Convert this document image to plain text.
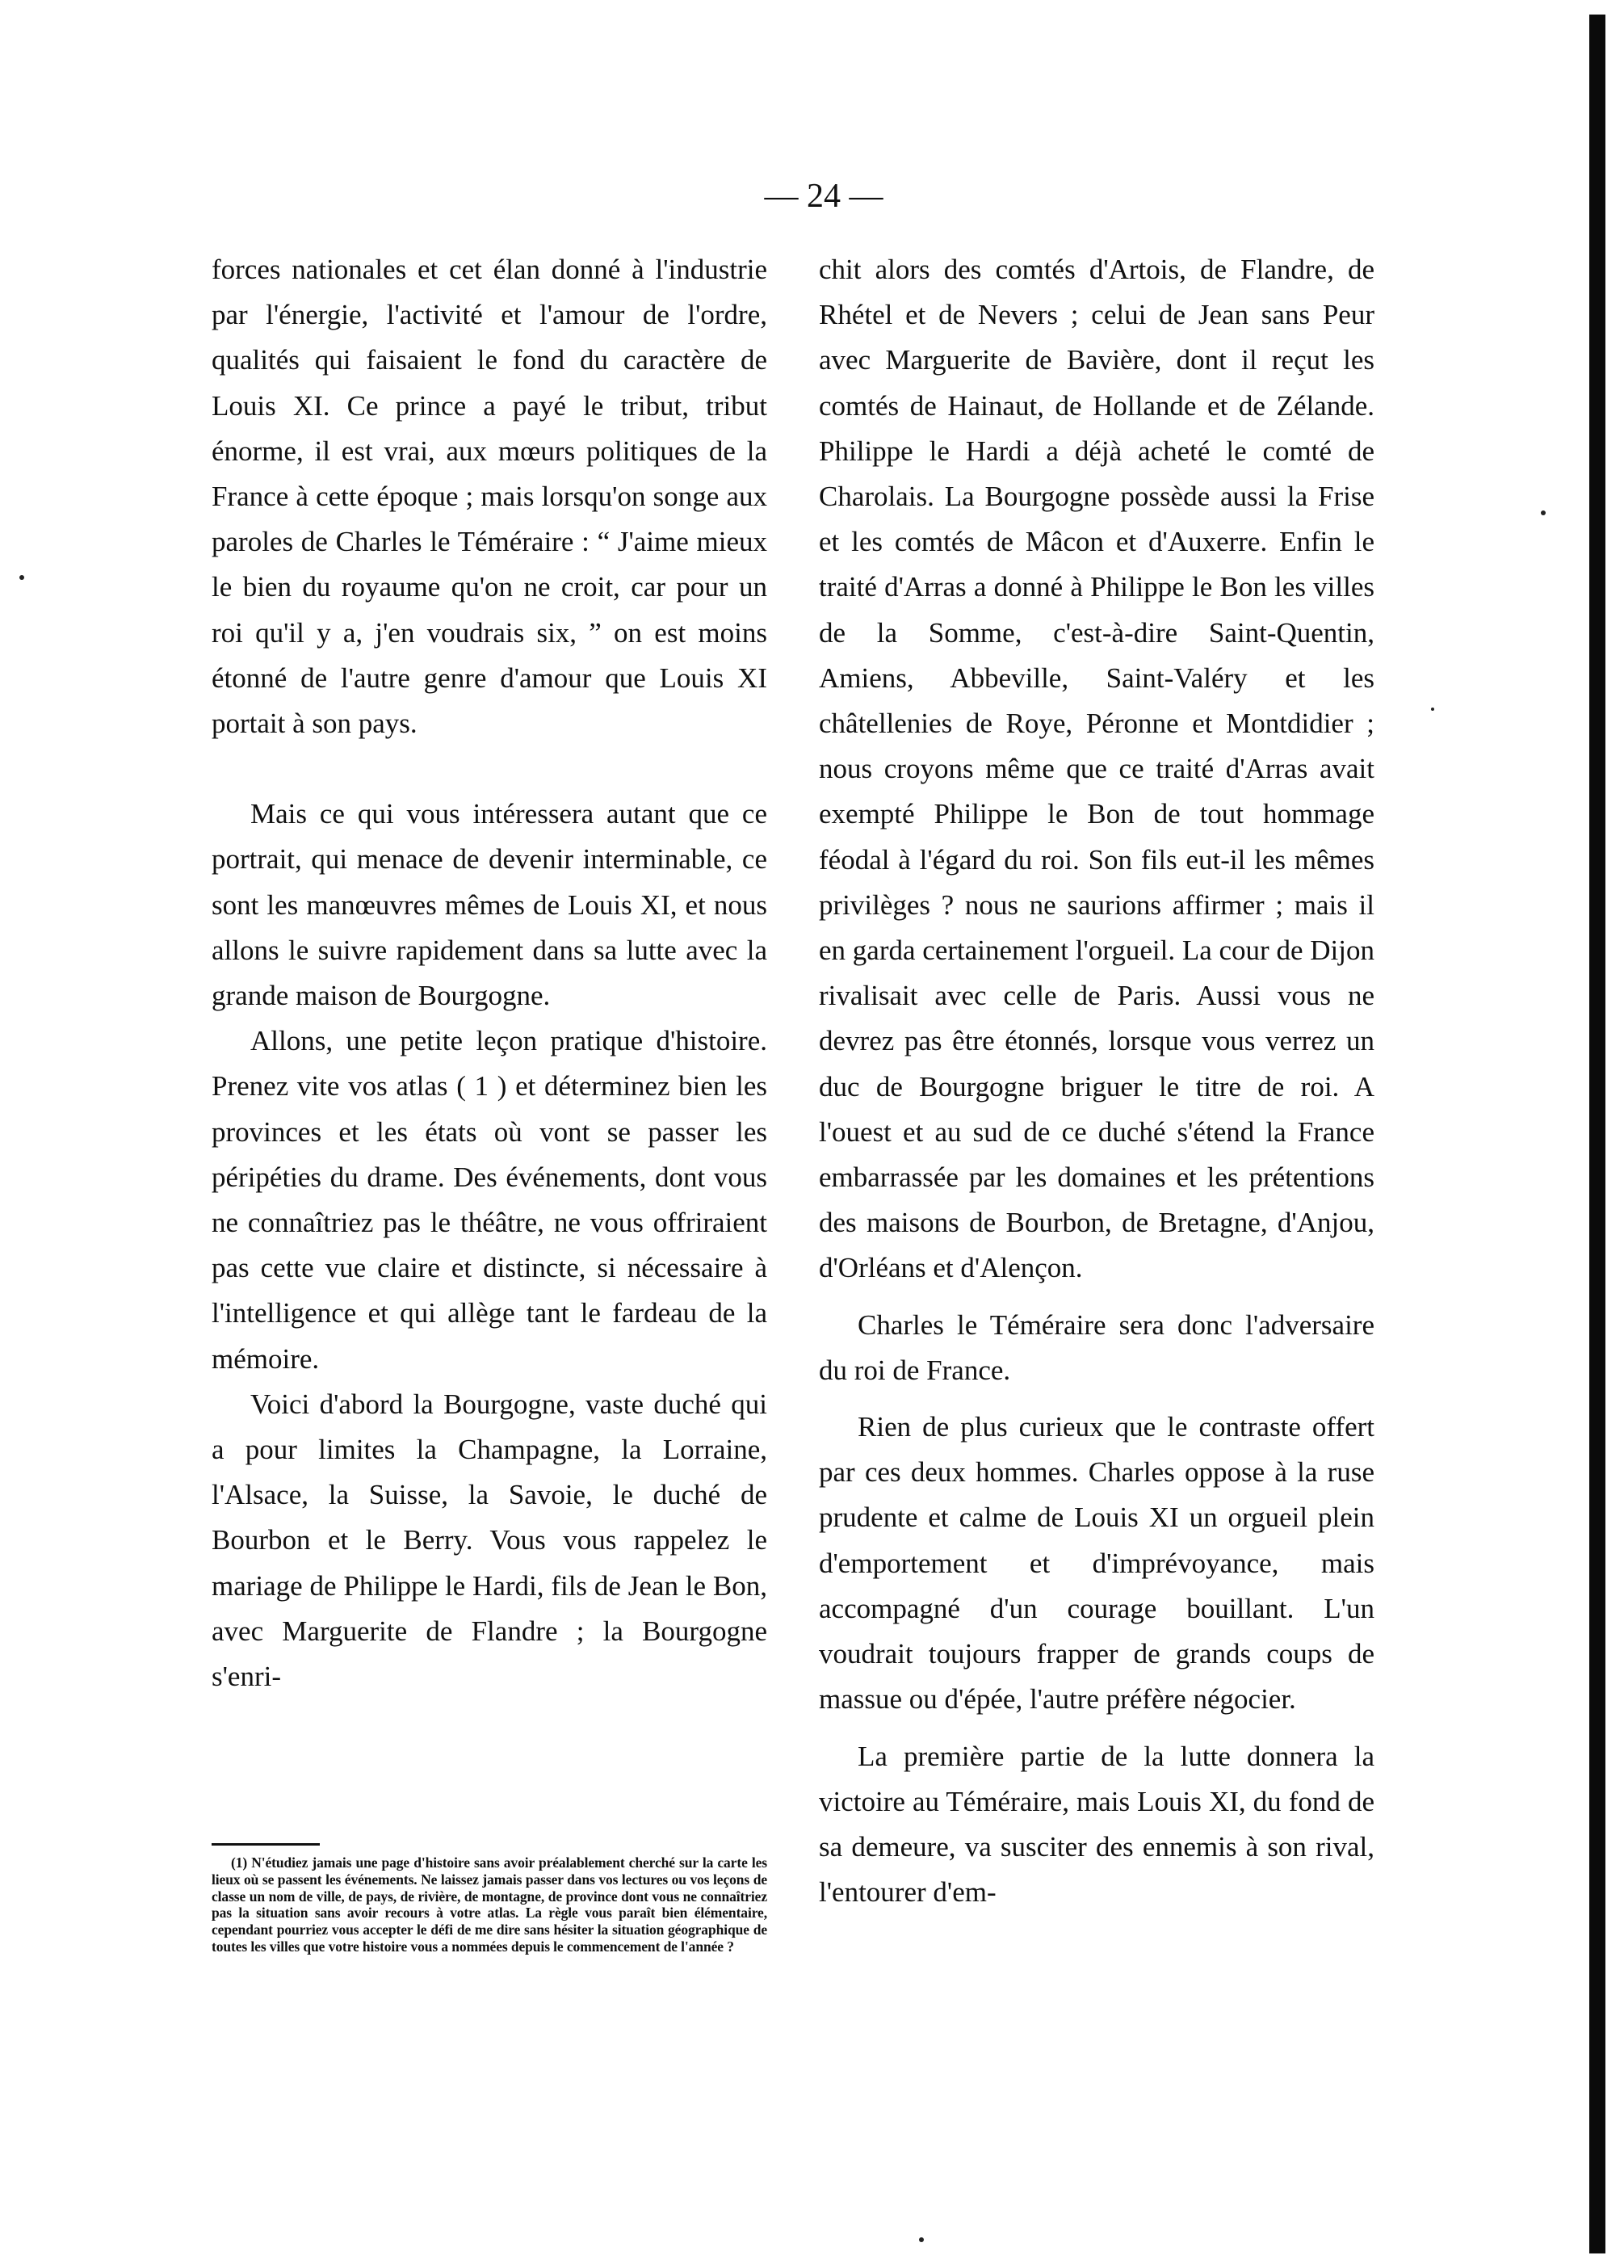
— 24 —

forces nationales et cet élan donné à l'industrie par l'énergie, l'activité et l'amour de l'ordre, qualités qui faisaient le fond du caractère de Louis XI. Ce prince a payé le tribut, tribut énorme, il est vrai, aux mœurs politiques de la France à cette époque ; mais lorsqu'on songe aux paroles de Charles le Téméraire : “ J'aime mieux le bien du royaume qu'on ne croit, car pour un roi qu'il y a, j'en voudrais six, ” on est moins étonné de l'autre genre d'amour que Louis XI portait à son pays.

Mais ce qui vous intéressera autant que ce portrait, qui menace de devenir interminable, ce sont les manœuvres mêmes de Louis XI, et nous allons le suivre rapidement dans sa lutte avec la grande maison de Bourgogne.

Allons, une petite leçon pratique d'histoire. Prenez vite vos atlas ( 1 ) et déterminez bien les provinces et les états où vont se passer les péripéties du drame. Des événements, dont vous ne connaîtriez pas le théâtre, ne vous offriraient pas cette vue claire et distincte, si nécessaire à l'intelligence et qui allège tant le fardeau de la mémoire.

Voici d'abord la Bourgogne, vaste duché qui a pour limites la Champagne, la Lorraine, l'Alsace, la Suisse, la Savoie, le duché de Bourbon et le Berry. Vous vous rappelez le mariage de Philippe le Hardi, fils de Jean le Bon, avec Marguerite de Flandre ; la Bourgogne s'enri-

chit alors des comtés d'Artois, de Flandre, de Rhétel et de Nevers ; celui de Jean sans Peur avec Marguerite de Bavière, dont il reçut les comtés de Hainaut, de Hollande et de Zélande. Philippe le Hardi a déjà acheté le comté de Charolais. La Bourgogne possède aussi la Frise et les comtés de Mâcon et d'Auxerre. Enfin le traité d'Arras a donné à Philippe le Bon les villes de la Somme, c'est-à-dire Saint-Quentin, Amiens, Abbeville, Saint-Valéry et les châtellenies de Roye, Péronne et Montdidier ; nous croyons même que ce traité d'Arras avait exempté Philippe le Bon de tout hommage féodal à l'égard du roi. Son fils eut-il les mêmes privilèges ? nous ne saurions affirmer ; mais il en garda certainement l'orgueil. La cour de Dijon rivalisait avec celle de Paris. Aussi vous ne devrez pas être étonnés, lorsque vous verrez un duc de Bourgogne briguer le titre de roi. A l'ouest et au sud de ce duché s'étend la France embarrassée par les domaines et les prétentions des maisons de Bourbon, de Bretagne, d'Anjou, d'Orléans et d'Alençon.

Charles le Téméraire sera donc l'adversaire du roi de France.

Rien de plus curieux que le contraste offert par ces deux hommes. Charles oppose à la ruse prudente et calme de Louis XI un orgueil plein d'emportement et d'imprévoyance, mais accompagné d'un courage bouillant. L'un voudrait toujours frapper de grands coups de massue ou d'épée, l'autre préfère négocier.

La première partie de la lutte donnera la victoire au Téméraire, mais Louis XI, du fond de sa demeure, va susciter des ennemis à son rival, l'entourer d'em-

(1) N'étudiez jamais une page d'histoire sans avoir préalablement cherché sur la carte les lieux où se passent les événements. Ne laissez jamais passer dans vos lectures ou vos leçons de classe un nom de ville, de pays, de rivière, de montagne, de province dont vous ne connaîtriez pas la situation sans avoir recours à votre atlas. La règle vous paraît bien élémentaire, cependant pourriez vous accepter le défi de me dire sans hésiter la situation géographique de toutes les villes que votre histoire vous a nommées depuis le commencement de l'année ?
